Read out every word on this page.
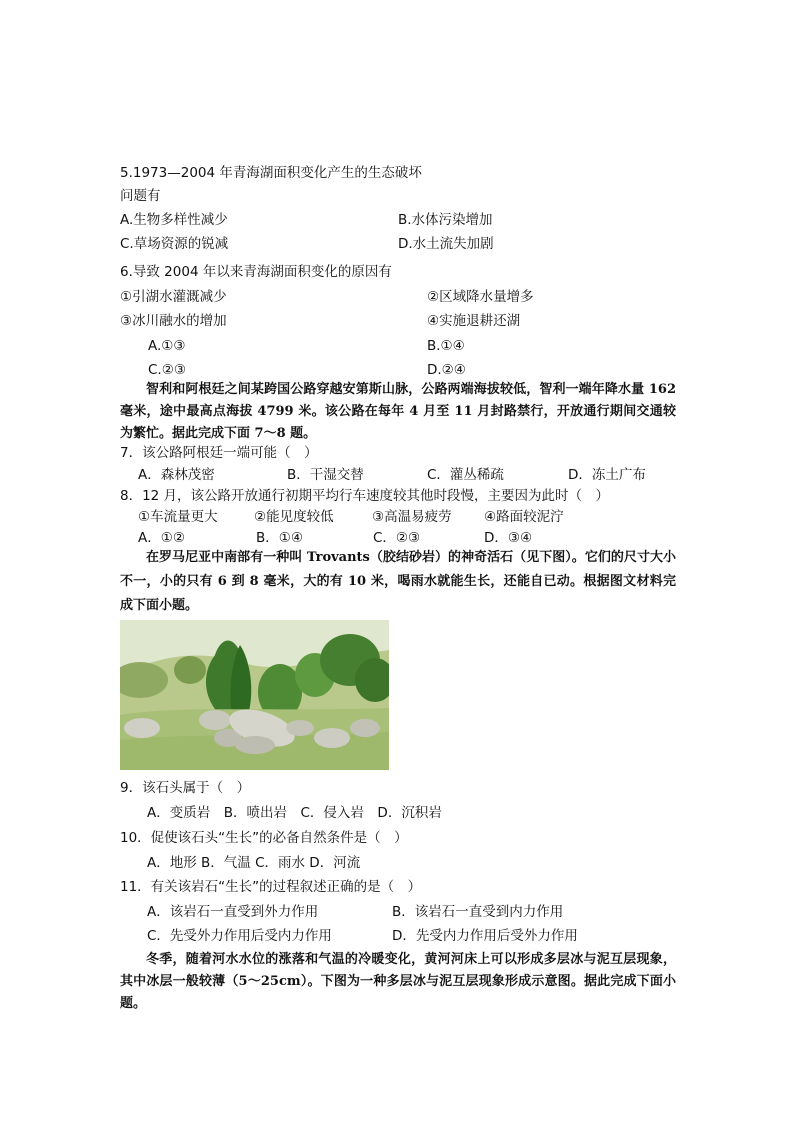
5.1973—2004 年青海湖面积变化产生的生态破坏
问题有
A.生物多样性减少	B.水体污染增加
C.草场资源的锐减	D.水土流失加剧
6.导致 2004 年以来青海湖面积变化的原因有
①引湖水灌溉减少	②区域降水量增多
③冰川融水的增加	④实施退耕还湖
A.①③	B.①④
C.②③	D.②④
智利和阿根廷之间某跨国公路穿越安第斯山脉，公路两端海拔较低，智利一端年降水量 162 毫米，途中最高点海拔 4799 米。该公路在每年 4 月至 11 月封路禁行，开放通行期间交通较为繁忙。据此完成下面 7～8 题。
7．该公路阿根廷一端可能（　）
A．森林茂密	B．干湿交替	C．灌丛稀疏	D．冻土广布
8．12 月，该公路开放通行初期平均行车速度较其他时段慢，主要因为此时（　）
①车流量更大	②能见度较低	③高温易疲劳 ④路面较泥泞
A．①②	B．①④	C．②③	D．③④
在罗马尼亚中南部有一种叫 Trovants（胶结砂岩）的神奇活石（见下图）。它们的尺寸大小不一，小的只有 6 到 8 毫米，大的有 10 米，喝雨水就能生长，还能自已动。根据图文材料完成下面小题。
9．该石头属于（　）
A．变质岩　B．喷出岩　C．侵入岩　D．沉积岩
10．促使该石头“生长”的必备自然条件是（　）
A．地形 B．气温 C．雨水 D．河流
11．有关该岩石“生长”的过程叙述正确的是（　）
A．该岩石一直受到外力作用	B．该岩石一直受到内力作用
C．先受外力作用后受内力作用	D．先受内力作用后受外力作用
冬季，随着河水水位的涨落和气温的冷暖变化，黄河河床上可以形成多层冰与泥互层现象，其中冰层一般较薄（5～25cm）。下图为一种多层冰与泥互层现象形成示意图。据此完成下面小题。
